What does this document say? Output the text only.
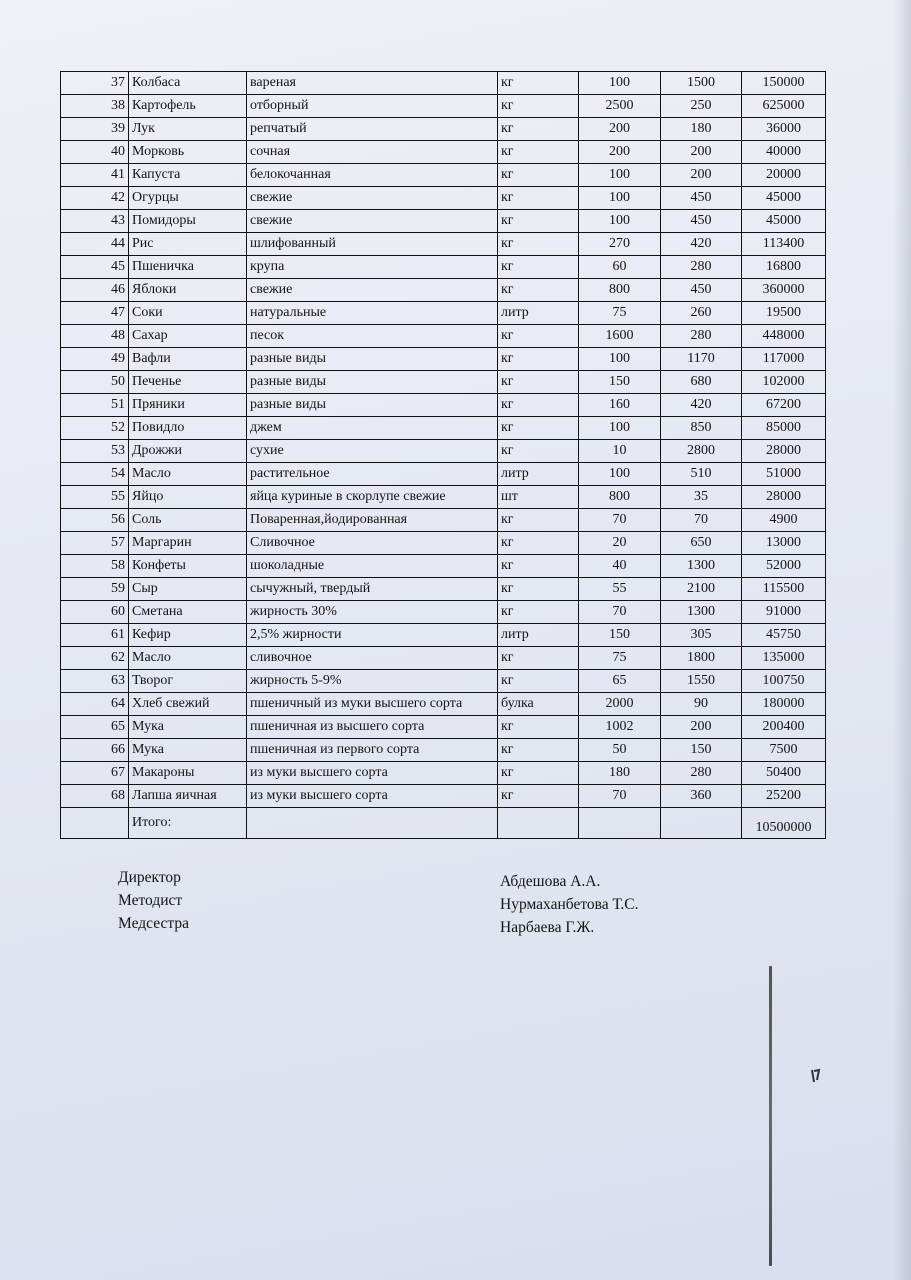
37	Колбаса	вареная	кг	100	1500	150000
38	Картофель	отборный	кг	2500	250	625000
39	Лук	репчатый	кг	200	180	36000
40	Морковь	сочная	кг	200	200	40000
41	Капуста	белокочанная	кг	100	200	20000
42	Огурцы	свежие	кг	100	450	45000
43	Помидоры	свежие	кг	100	450	45000
44	Рис	шлифованный	кг	270	420	113400
45	Пшеничка	крупа	кг	60	280	16800
46	Яблоки	свежие	кг	800	450	360000
47	Соки	натуральные	литр	75	260	19500
48	Сахар	песок	кг	1600	280	448000
49	Вафли	разные виды	кг	100	1170	117000
50	Печенье	разные виды	кг	150	680	102000
51	Пряники	разные виды	кг	160	420	67200
52	Повидло	джем	кг	100	850	85000
53	Дрожжи	сухие	кг	10	2800	28000
54	Масло	растительное	литр	100	510	51000
55	Яйцо	яйца куриные в скорлупе свежие	шт	800	35	28000
56	Соль	Поваренная,йодированная	кг	70	70	4900
57	Маргарин	Сливочное	кг	20	650	13000
58	Конфеты	шоколадные	кг	40	1300	52000
59	Сыр	сычужный, твердый	кг	55	2100	115500
60	Сметана	жирность 30%	кг	70	1300	91000
61	Кефир	2,5% жирности	литр	150	305	45750
62	Масло	сливочное	кг	75	1800	135000
63	Творог	жирность 5-9%	кг	65	1550	100750
64	Хлеб свежий	пшеничный из муки высшего сорта	булка	2000	90	180000
65	Мука	пшеничная из высшего сорта	кг	1002	200	200400
66	Мука	пшеничная из первого сорта	кг	50	150	7500
67	Макароны	из муки высшего сорта	кг	180	280	50400
68	Лапша яичная	из муки высшего сорта	кг	70	360	25200
	Итого:					10500000
Директор
Методист
Медсестра
Абдешова А.А.
Нурмаханбетова Т.С.
Нарбаева Г.Ж.
